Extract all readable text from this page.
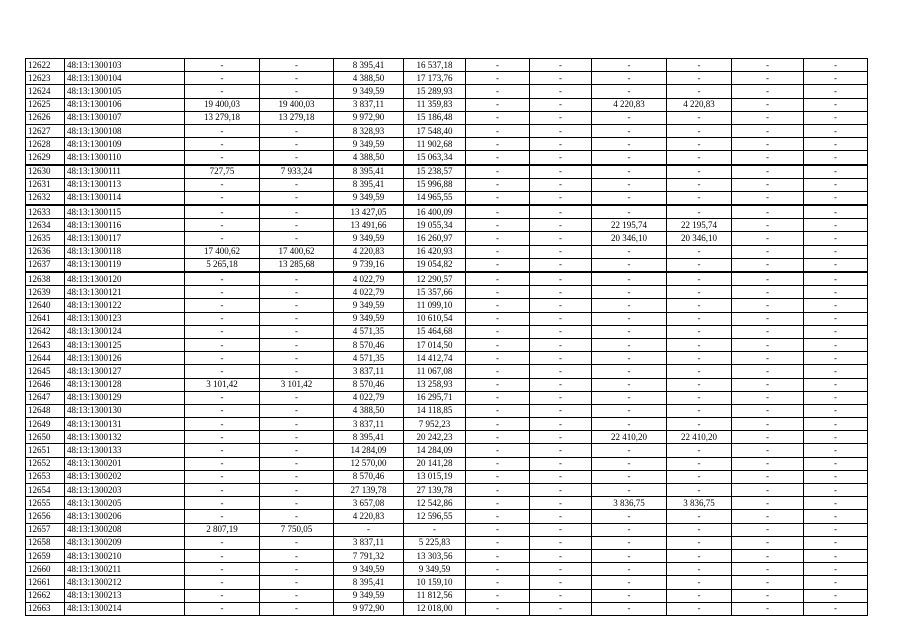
12622	48:13:1300103	-	-	8 395,41	16 537,18	-	-	-	-	-	-
12623	48:13:1300104	-	-	4 388,50	17 173,76	-	-	-	-	-	-
12624	48:13:1300105	-	-	9 349,59	15 289,93	-	-	-	-	-	-
12625	48:13:1300106	19 400,03	19 400,03	3 837,11	11 359,83	-	-	4 220,83	4 220,83	-	-
12626	48:13:1300107	13 279,18	13 279,18	9 972,90	15 186,48	-	-	-	-	-	-
12627	48:13:1300108	-	-	8 328,93	17 548,40	-	-	-	-	-	-
12628	48:13:1300109	-	-	9 349,59	11 902,68	-	-	-	-	-	-
12629	48:13:1300110	-	-	4 388,50	15 063,34	-	-	-	-	-	-
12630	48:13:1300111	727,75	7 933,24	8 395,41	15 238,57	-	-	-	-	-	-
12631	48:13:1300113	-	-	8 395,41	15 996,88	-	-	-	-	-	-
12632	48:13:1300114	-	-	9 349,59	14 965,55	-	-	-	-	-	-
12633	48:13:1300115	-	-	13 427,05	16 400,09	-	-	-	-	-	-
12634	48:13:1300116	-	-	13 491,66	19 055,34	-	-	22 195,74	22 195,74	-	-
12635	48:13:1300117	-	-	9 349,59	16 260,97	-	-	20 346,10	20 346,10	-	-
12636	48:13:1300118	17 400,62	17 400,62	4 220,83	16 420,93	-	-	-	-	-	-
12637	48:13:1300119	5 265,18	13 285,68	9 739,16	19 054,82	-	-	-	-	-	-
12638	48:13:1300120	-	-	4 022,79	12 290,57	-	-	-	-	-	-
12639	48:13:1300121	-	-	4 022,79	15 357,66	-	-	-	-	-	-
12640	48:13:1300122	-	-	9 349,59	11 099,10	-	-	-	-	-	-
12641	48:13:1300123	-	-	9 349,59	10 610,54	-	-	-	-	-	-
12642	48:13:1300124	-	-	4 571,35	15 464,68	-	-	-	-	-	-
12643	48:13:1300125	-	-	8 570,46	17 014,50	-	-	-	-	-	-
12644	48:13:1300126	-	-	4 571,35	14 412,74	-	-	-	-	-	-
12645	48:13:1300127	-	-	3 837,11	11 067,08	-	-	-	-	-	-
12646	48:13:1300128	3 101,42	3 101,42	8 570,46	13 258,93	-	-	-	-	-	-
12647	48:13:1300129	-	-	4 022,79	16 295,71	-	-	-	-	-	-
12648	48:13:1300130	-	-	4 388,50	14 118,85	-	-	-	-	-	-
12649	48:13:1300131	-	-	3 837,11	7 952,23	-	-	-	-	-	-
12650	48:13:1300132	-	-	8 395,41	20 242,23	-	-	22 410,20	22 410,20	-	-
12651	48:13:1300133	-	-	14 284,09	14 284,09	-	-	-	-	-	-
12652	48:13:1300201	-	-	12 570,00	20 141,28	-	-	-	-	-	-
12653	48:13:1300202	-	-	8 570,46	13 015,19	-	-	-	-	-	-
12654	48:13:1300203	-	-	27 139,78	27 139,78	-	-	-	-	-	-
12655	48:13:1300205	-	-	3 657,08	12 542,86	-	-	3 836,75	3 836,75	-	-
12656	48:13:1300206	-	-	4 220,83	12 596,55	-	-	-	-	-	-
12657	48:13:1300208	2 807,19	7 750,05	-	-	-	-	-	-	-	-
12658	48:13:1300209	-	-	3 837,11	5 225,83	-	-	-	-	-	-
12659	48:13:1300210	-	-	7 791,32	13 303,56	-	-	-	-	-	-
12660	48:13:1300211	-	-	9 349,59	9 349,59	-	-	-	-	-	-
12661	48:13:1300212	-	-	8 395,41	10 159,10	-	-	-	-	-	-
12662	48:13:1300213	-	-	9 349,59	11 812,56	-	-	-	-	-	-
12663	48:13:1300214	-	-	9 972,90	12 018,00	-	-	-	-	-	-
